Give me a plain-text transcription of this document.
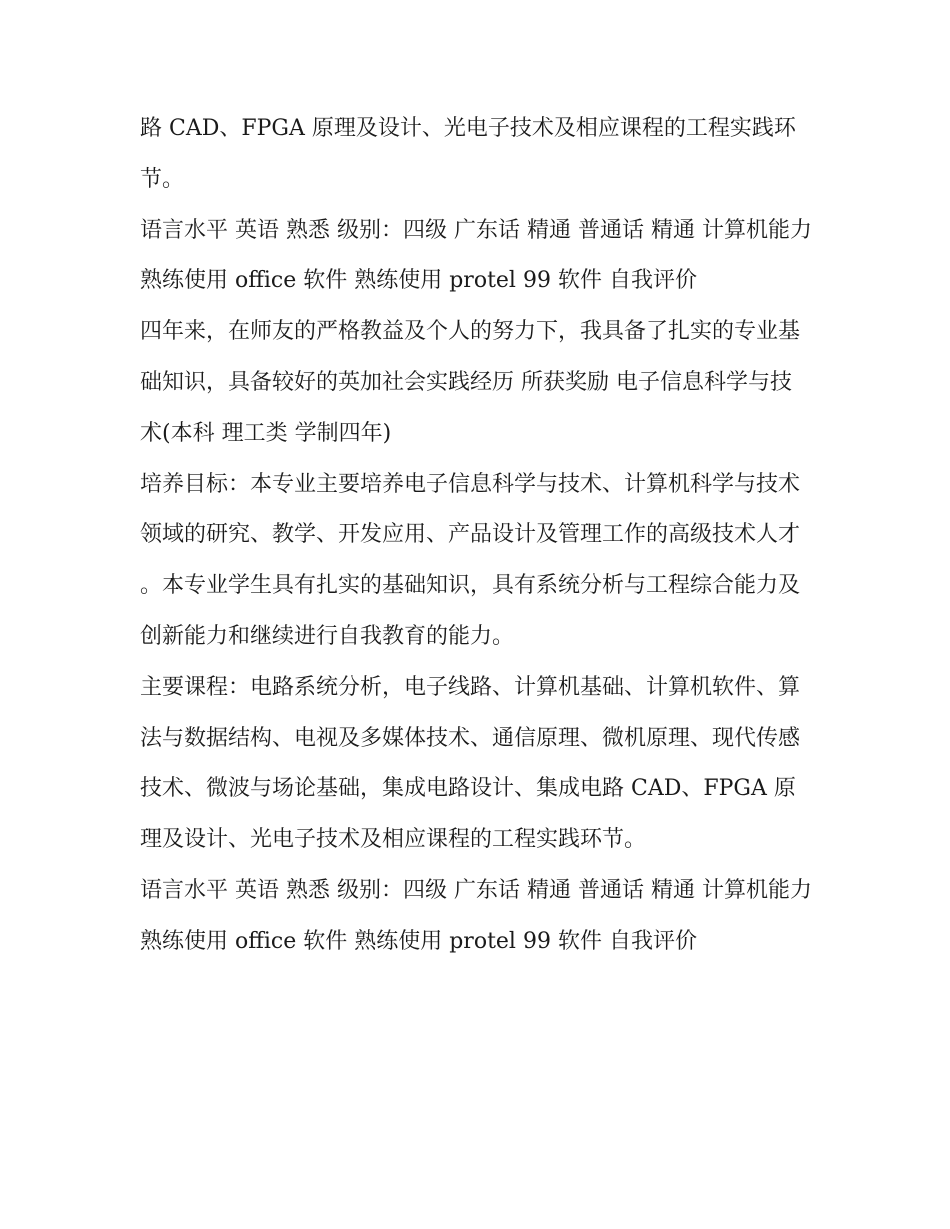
路 CAD、FPGA 原理及设计、光电子技术及相应课程的工程实践环节。

语言水平 英语 熟悉 级别：四级 广东话 精通 普通话 精通 计算机能力 熟练使用 office 软件 熟练使用 protel 99 软件 自我评价

四年来，在师友的严格教益及个人的努力下，我具备了扎实的专业基础知识，具备较好的英加社会实践经历 所获奖励 电子信息科学与技术(本科 理工类 学制四年)

培养目标：本专业主要培养电子信息科学与技术、计算机科学与技术领域的研究、教学、开发应用、产品设计及管理工作的高级技术人才。本专业学生具有扎实的基础知识，具有系统分析与工程综合能力及创新能力和继续进行自我教育的能力。

主要课程：电路系统分析，电子线路、计算机基础、计算机软件、算法与数据结构、电视及多媒体技术、通信原理、微机原理、现代传感技术、微波与场论基础，集成电路设计、集成电路 CAD、FPGA 原理及设计、光电子技术及相应课程的工程实践环节。

语言水平 英语 熟悉 级别：四级 广东话 精通 普通话 精通 计算机能力 熟练使用 office 软件 熟练使用 protel 99 软件 自我评价
